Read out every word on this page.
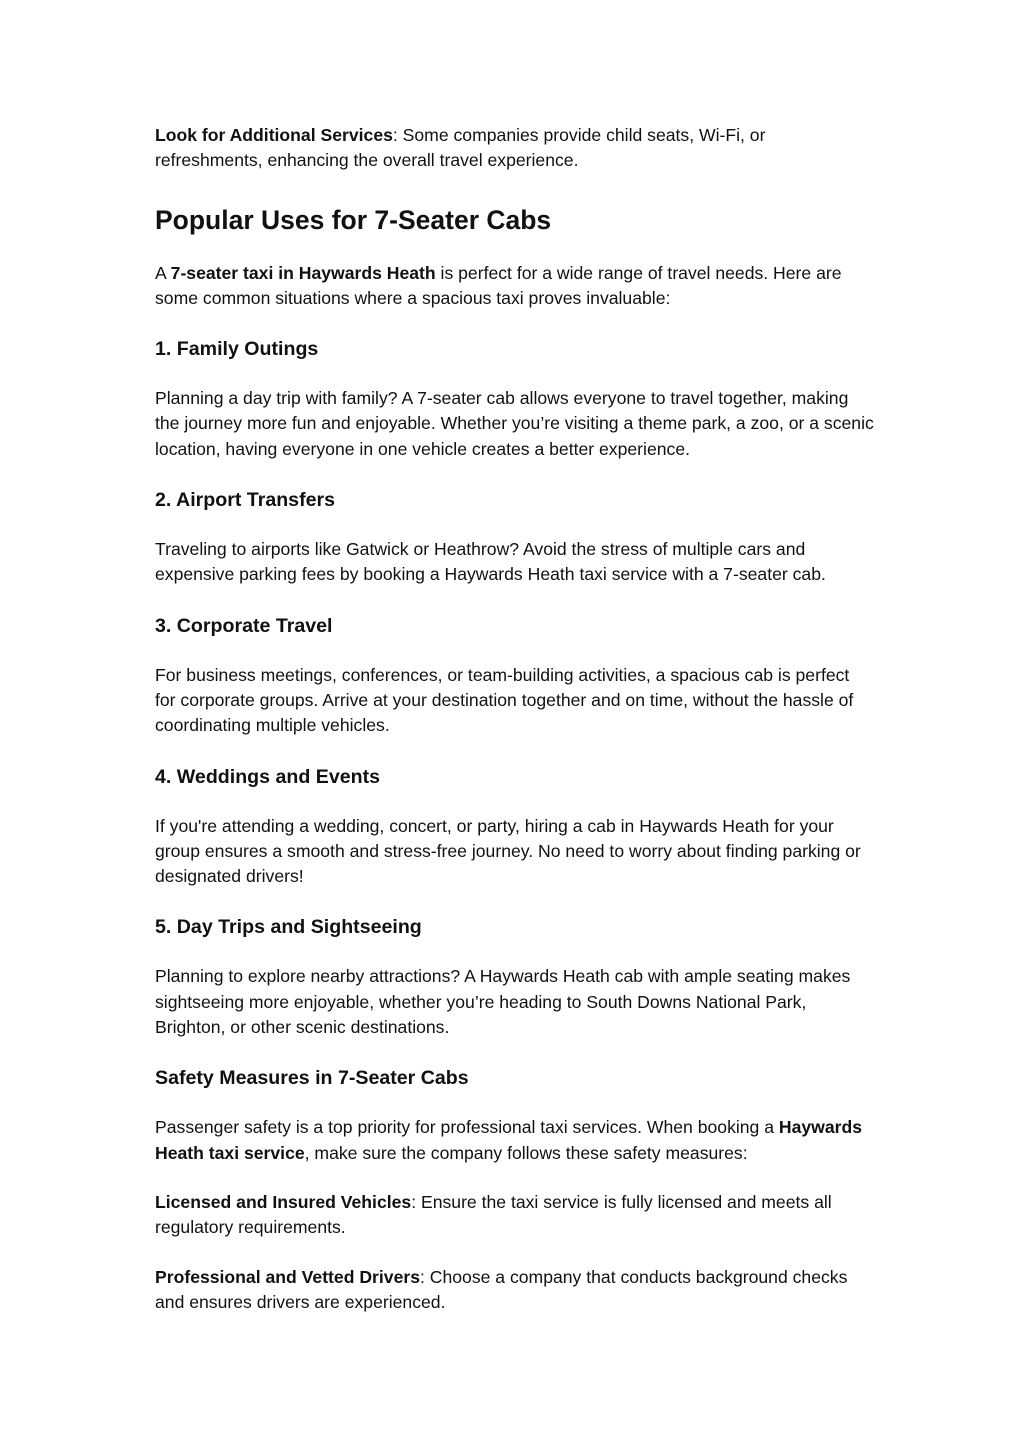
Look for Additional Services: Some companies provide child seats, Wi-Fi, or refreshments, enhancing the overall travel experience.

Popular Uses for 7-Seater Cabs

A 7-seater taxi in Haywards Heath is perfect for a wide range of travel needs. Here are some common situations where a spacious taxi proves invaluable:

1. Family Outings

Planning a day trip with family? A 7-seater cab allows everyone to travel together, making the journey more fun and enjoyable. Whether you’re visiting a theme park, a zoo, or a scenic location, having everyone in one vehicle creates a better experience.

2. Airport Transfers

Traveling to airports like Gatwick or Heathrow? Avoid the stress of multiple cars and expensive parking fees by booking a Haywards Heath taxi service with a 7-seater cab.

3. Corporate Travel

For business meetings, conferences, or team-building activities, a spacious cab is perfect for corporate groups. Arrive at your destination together and on time, without the hassle of coordinating multiple vehicles.

4. Weddings and Events

If you're attending a wedding, concert, or party, hiring a cab in Haywards Heath for your group ensures a smooth and stress-free journey. No need to worry about finding parking or designated drivers!

5. Day Trips and Sightseeing

Planning to explore nearby attractions? A Haywards Heath cab with ample seating makes sightseeing more enjoyable, whether you’re heading to South Downs National Park, Brighton, or other scenic destinations.

Safety Measures in 7-Seater Cabs

Passenger safety is a top priority for professional taxi services. When booking a Haywards Heath taxi service, make sure the company follows these safety measures:

Licensed and Insured Vehicles: Ensure the taxi service is fully licensed and meets all regulatory requirements.

Professional and Vetted Drivers: Choose a company that conducts background checks and ensures drivers are experienced.
